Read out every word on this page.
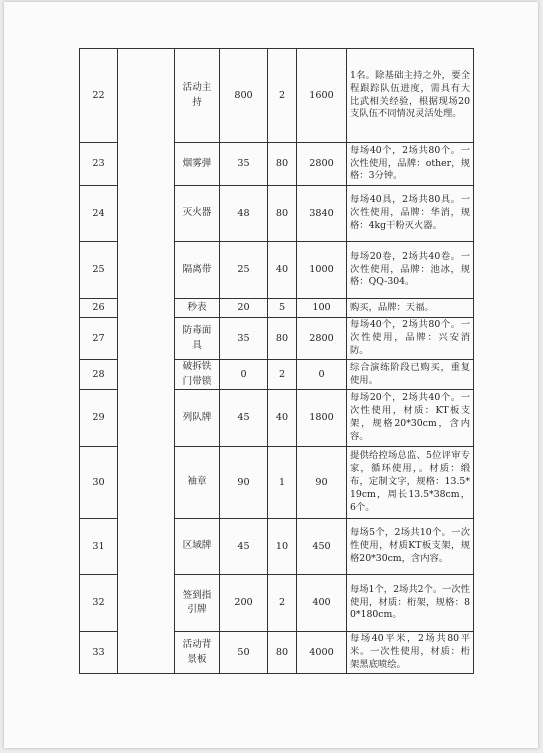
22		活动主持	800	2	1600	1名。除基础主持之外，要全程跟踪队伍进度，需具有大比武相关经验，根据现场20支队伍不同情况灵活处理。
23		烟雾弹	35	80	2800	每场40个，2场共80个。一次性使用，品牌：other，规格：3分钟。
24		灭火器	48	80	3840	每场40具，2场共80具。一次性使用，品牌：华消，规格：4kg干粉灭火器。
25		隔离带	25	40	1000	每场20卷，2场共40卷。一次性使用，品牌：池冰，规格：QQ-304。
26		秒表	20	5	100	购买，品牌：天福。
27		防毒面具	35	80	2800	每场40个，2场共80个。一次性使用，品牌：兴安消防。
28		破拆铁门带锁	0	2	0	综合演练阶段已购买，重复使用。
29		列队牌	45	40	1800	每场20个，2场共40个。一次性使用，材质：KT板支架，规格20*30cm，含内容。
30		袖章	90	1	90	提供给控场总监、5位评审专家，循环使用，。材质：缎布，定制文字，规格：13.5*19cm，周长13.5*38cm，6个。
31		区域牌	45	10	450	每场5个，2场共10个。一次性使用，材质KT板支架，规格20*30cm，含内容。
32		签到指引牌	200	2	400	每场1个，2场共2个。一次性使用，材质：桁架，规格：80*180cm。
33		活动背景板	50	80	4000	每场40平米，2场共80平米。一次性使用，材质：桁架黑底喷绘。
